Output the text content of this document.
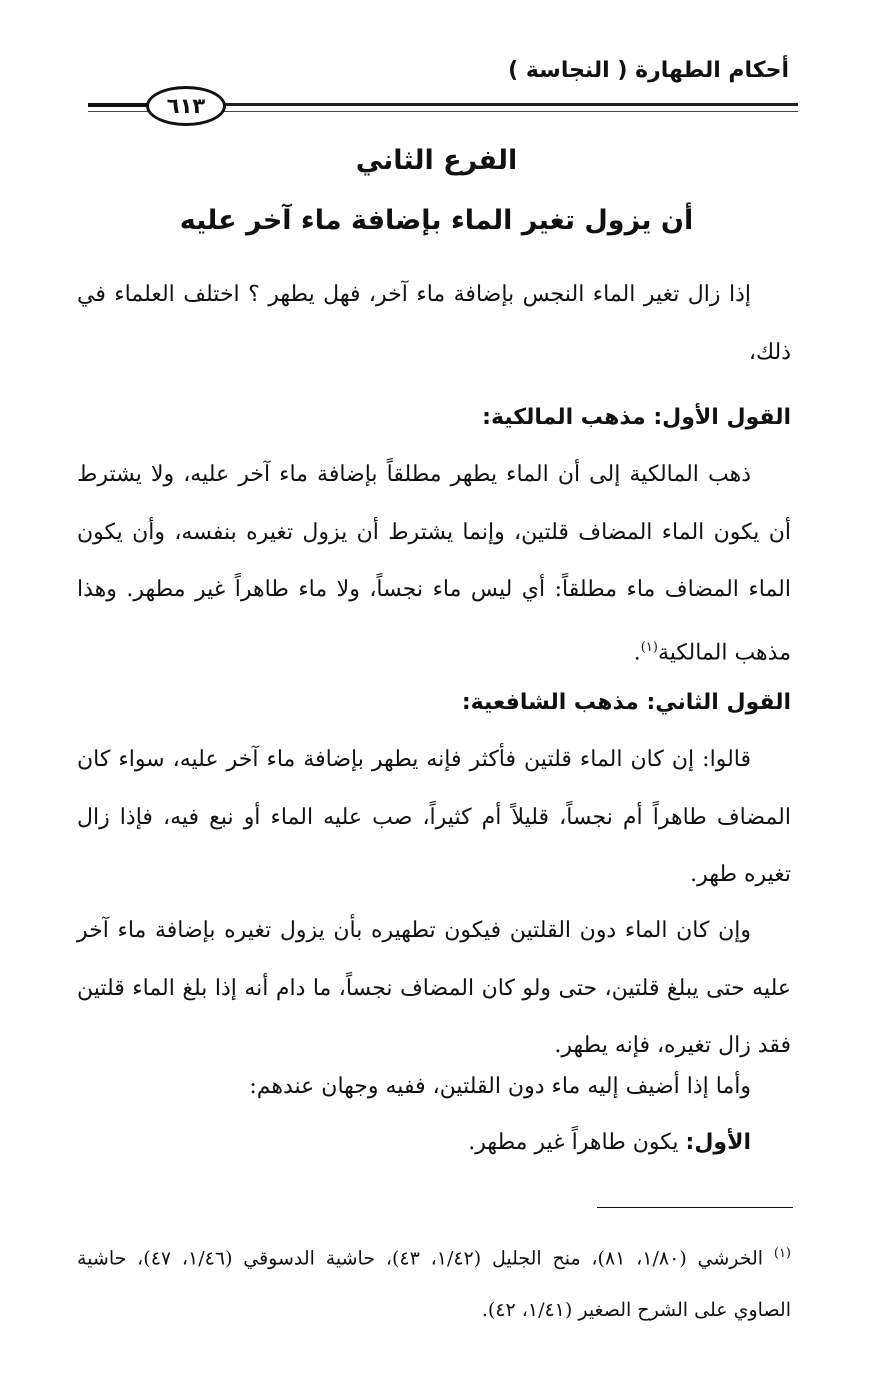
أحكام الطهارة ( النجاسة )
٦١٣
الفرع الثاني
أن يزول تغير الماء بإضافة ماء آخر عليه

إذا زال تغير الماء النجس بإضافة ماء آخر، فهل يطهر ؟ اختلف العلماء في ذلك،

القول الأول: مذهب المالكية:

ذهب المالكية إلى أن الماء يطهر مطلقاً بإضافة ماء آخر عليه، ولا يشترط أن يكون الماء المضاف قلتين، وإنما يشترط أن يزول تغيره بنفسه، وأن يكون الماء المضاف ماء مطلقاً: أي ليس ماء نجساً، ولا ماء طاهراً غير مطهر. وهذا مذهب المالكية$^{(١)}$.

القول الثاني: مذهب الشافعية:

قالوا: إن كان الماء قلتين فأكثر فإنه يطهر بإضافة ماء آخر عليه، سواء كان المضاف طاهراً أم نجساً، قليلاً أم كثيراً، صب عليه الماء أو نبع فيه، فإذا زال تغيره طهر.

وإن كان الماء دون القلتين فيكون تطهيره بأن يزول تغيره بإضافة ماء آخر عليه حتى يبلغ قلتين، حتى ولو كان المضاف نجساً، ما دام أنه إذا بلغ الماء قلتين فقد زال تغيره، فإنه يطهر.

وأما إذا أضيف إليه ماء دون القلتين، ففيه وجهان عندهم:

الأول: يكون طاهراً غير مطهر.

$^{(١)}$ الخرشي (١/٨٠، ٨١)، منح الجليل (١/٤٢، ٤٣)، حاشية الدسوقي (١/٤٦، ٤٧)، حاشية الصاوي على الشرح الصغير (١/٤١، ٤٢).
